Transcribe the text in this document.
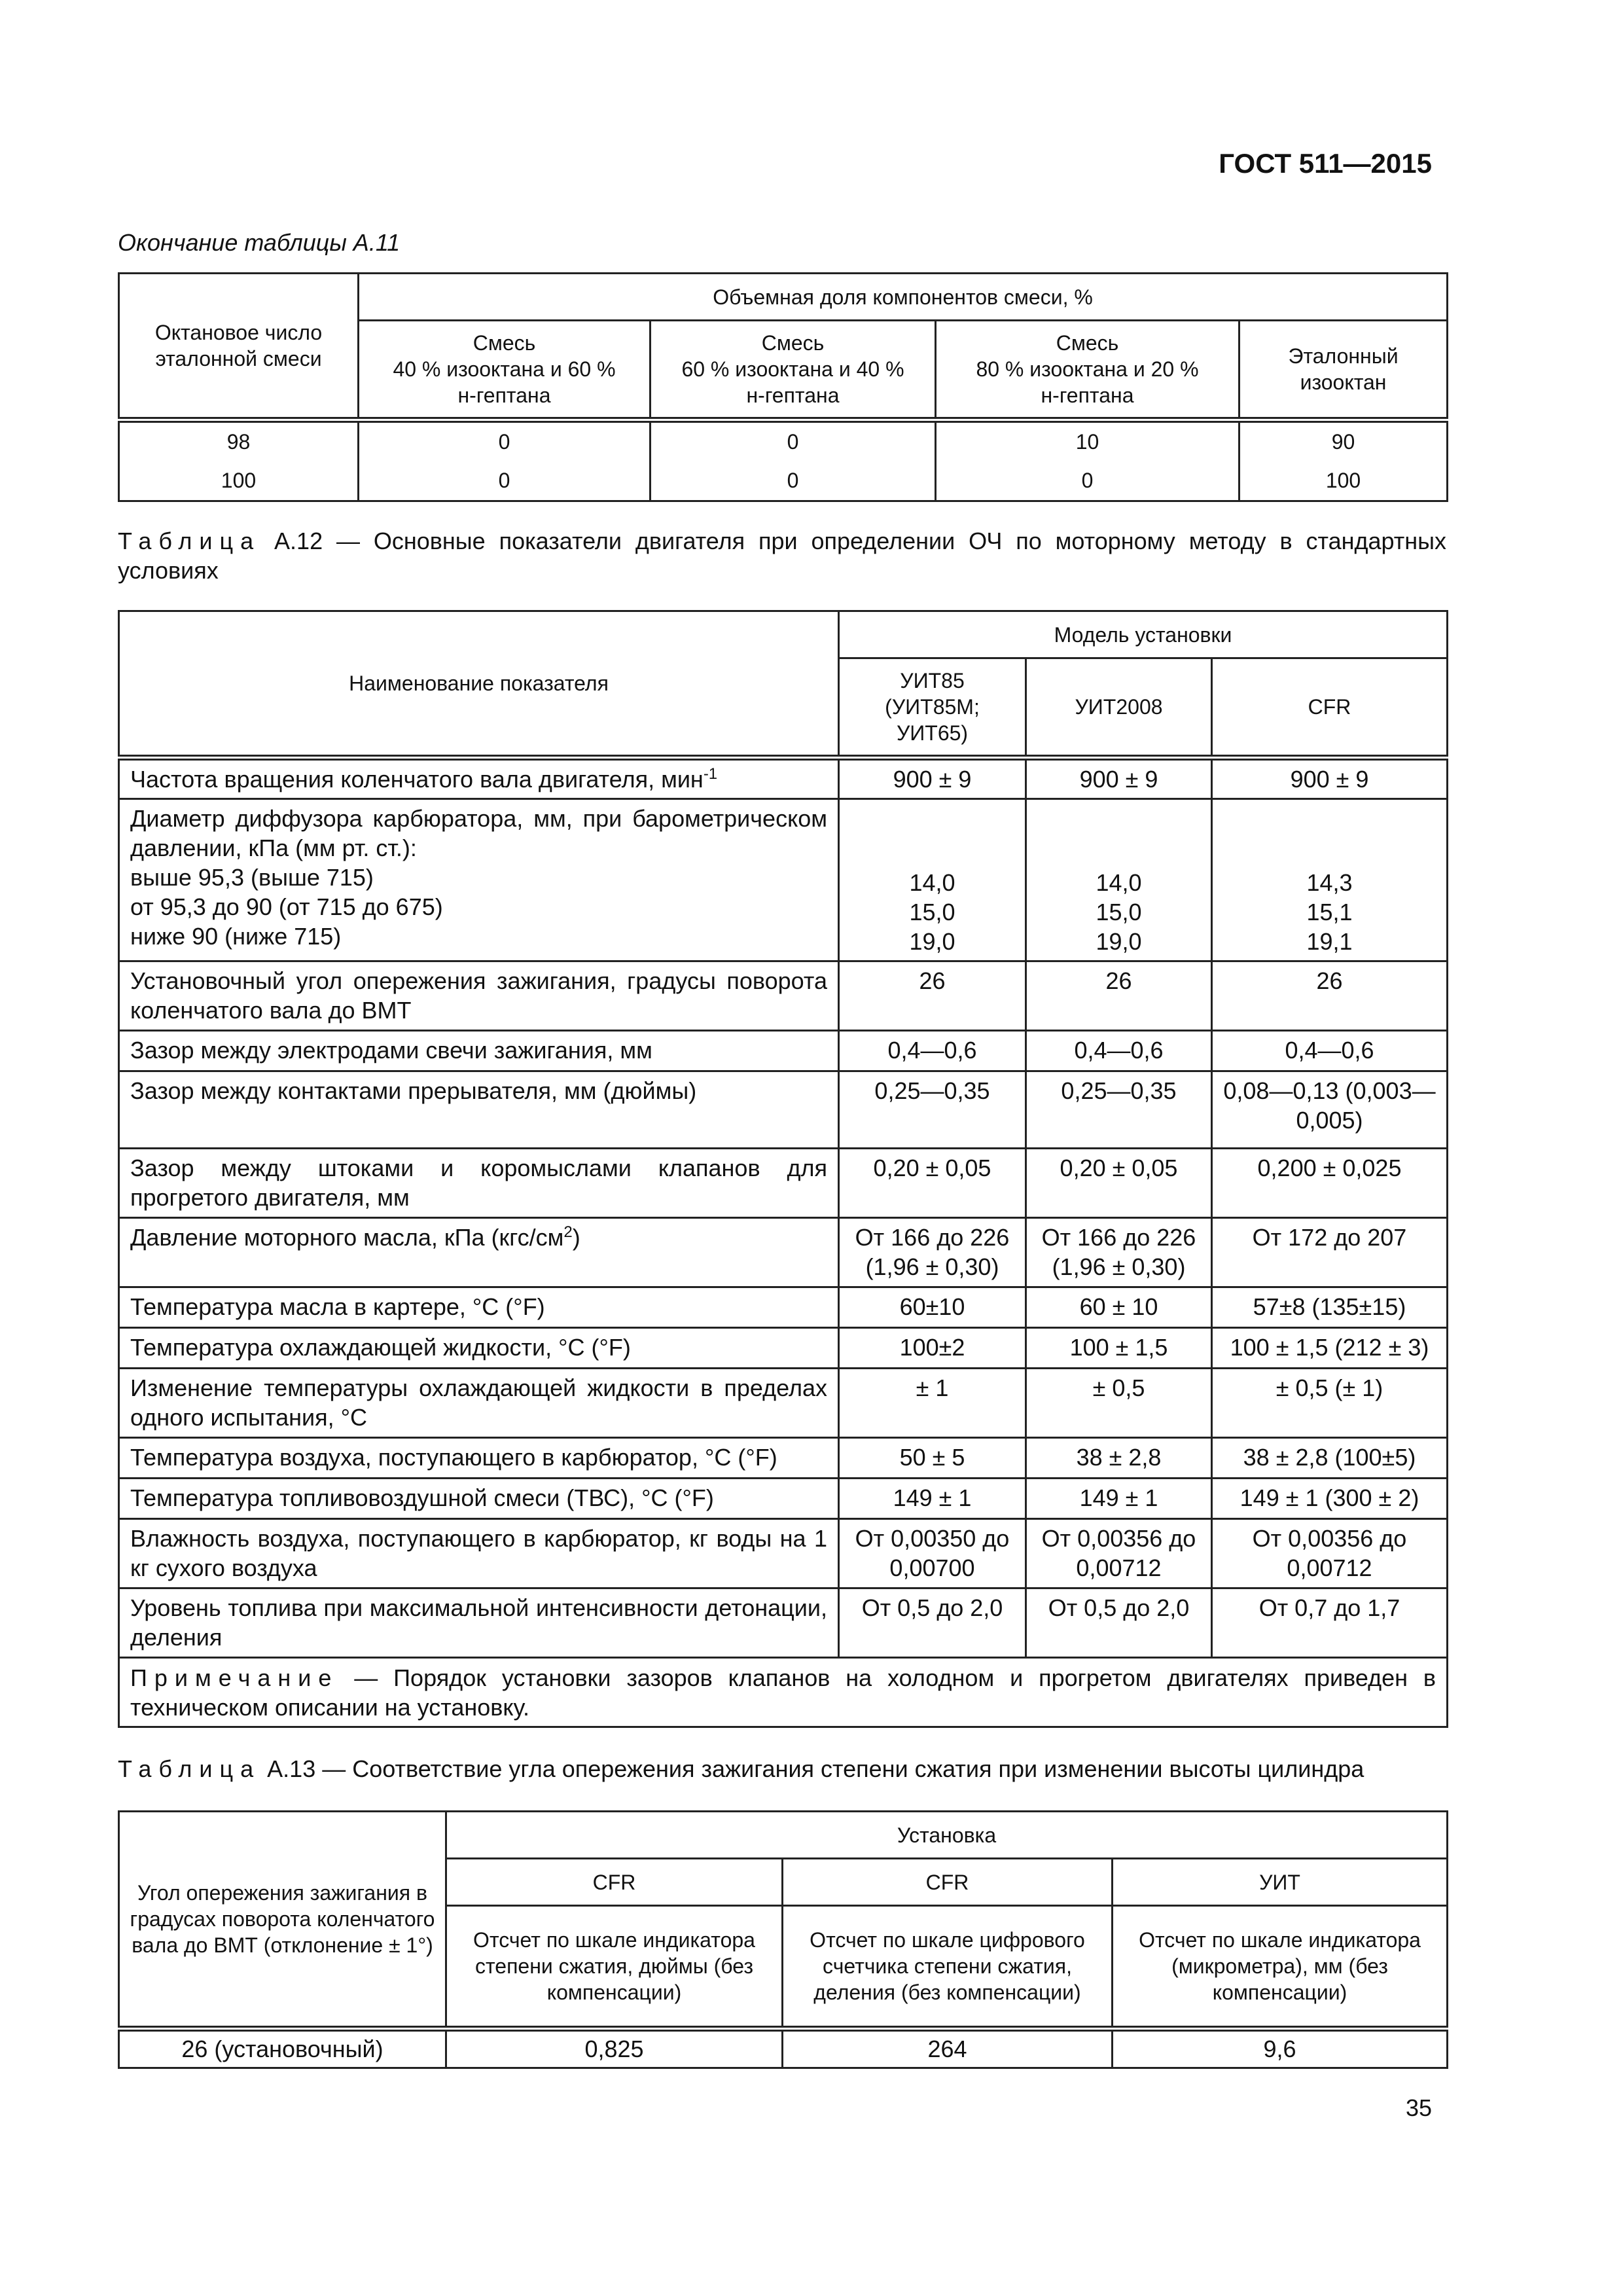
ГОСТ 511—2015
Окончание таблицы А.11
Октановое число эталонной смеси	Объемная доля компонентов смеси, %			

	Смесь
40 % изооктана и 60 %
н-гептана	Смесь
60 % изооктана и 40 %
н-гептана	Смесь
80 % изооктана и 20 %
н-гептана	Эталонный
изооктан

98	0	0	10	90
100	0	0	0	100
Таблица А.12 — Основные показатели двигателя при определении ОЧ по моторному методу в стандартных условиях
Наименование показателя	Модель установки		

	УИТ85
(УИТ85М;
УИТ65)	УИТ2008	CFR
Частота вращения коленчатого вала двигателя, мин$^{-1}$	900 ± 9	900 ± 9	900 ± 9
Диаметр диффузора карбюратора, мм, при барометрическом давлении, кПа (мм рт. ст.):
выше 95,3 (выше 715)
от 95,3 до 90 (от 715 до 675)
ниже 90 (ниже 715)	14,0
15,0
19,0	14,0
15,0
19,0	14,3
15,1
19,1

Установочный угол опережения зажигания, градусы поворота коленчатого вала до ВМТ	26	26	26
Зазор между электродами свечи зажигания, мм	0,4—0,6	0,4—0,6	0,4—0,6
Зазор между контактами прерывателя, мм (дюймы)	0,25—0,35	0,25—0,35	0,08—0,13 (0,003—0,005)
Зазор между штоками и коромыслами клапанов для прогретого двигателя, мм	0,20 ± 0,05	0,20 ± 0,05	0,200 ± 0,025
Давление моторного масла, кПа $(кгс/см^2)$	От 166 до 226 (1,96 ± 0,30)	От 166 до 226 (1,96 ± 0,30)	От 172 до 207
Температура масла в картере, °C (°F)	60±10	60 ± 10	57±8 (135±15)
Температура охлаждающей жидкости, °C (°F)	100±2	100 ± 1,5	100 ± 1,5 (212 ± 3)
Изменение температуры охлаждающей жидкости в пределах одного испытания, °C	± 1	± 0,5	± 0,5 (± 1)
Температура воздуха, поступающего в карбюратор, °C (°F)	50 ± 5	38 ± 2,8	38 ± 2,8 (100±5)
Температура топливовоздушной смеси (ТВС), °C (°F)	149 ± 1	149 ± 1	149 ± 1 (300 ± 2)
Влажность воздуха, поступающего в карбюратор, кг воды на 1 кг сухого воздуха	От 0,00350 до 0,00700	От 0,00356 до 0,00712	От 0,00356 до 0,00712
Уровень топлива при максимальной интенсивности детонации, деления	От 0,5 до 2,0	От 0,5 до 2,0	От 0,7 до 1,7
Примечание — Порядок установки зазоров клапанов на холодном и прогретом двигателях приведен в техническом описании на установку.			
Таблица А.13 — Соответствие угла опережения зажигания степени сжатия при изменении высоты цилиндра
Угол опережения зажигания в градусах поворота коленчатого вала до ВМТ (отклонение ± 1°)	Установка		
	CFR	CFR	УИТ
	Отсчет по шкале индикатора степени сжатия, дюймы (без компенсации)	Отсчет по шкале цифрового счетчика степени сжатия, деления (без компенсации)	Отсчет по шкале индикатора (микрометра), мм (без компенсации)
26 (установочный)	0,825	264	9,6
35
